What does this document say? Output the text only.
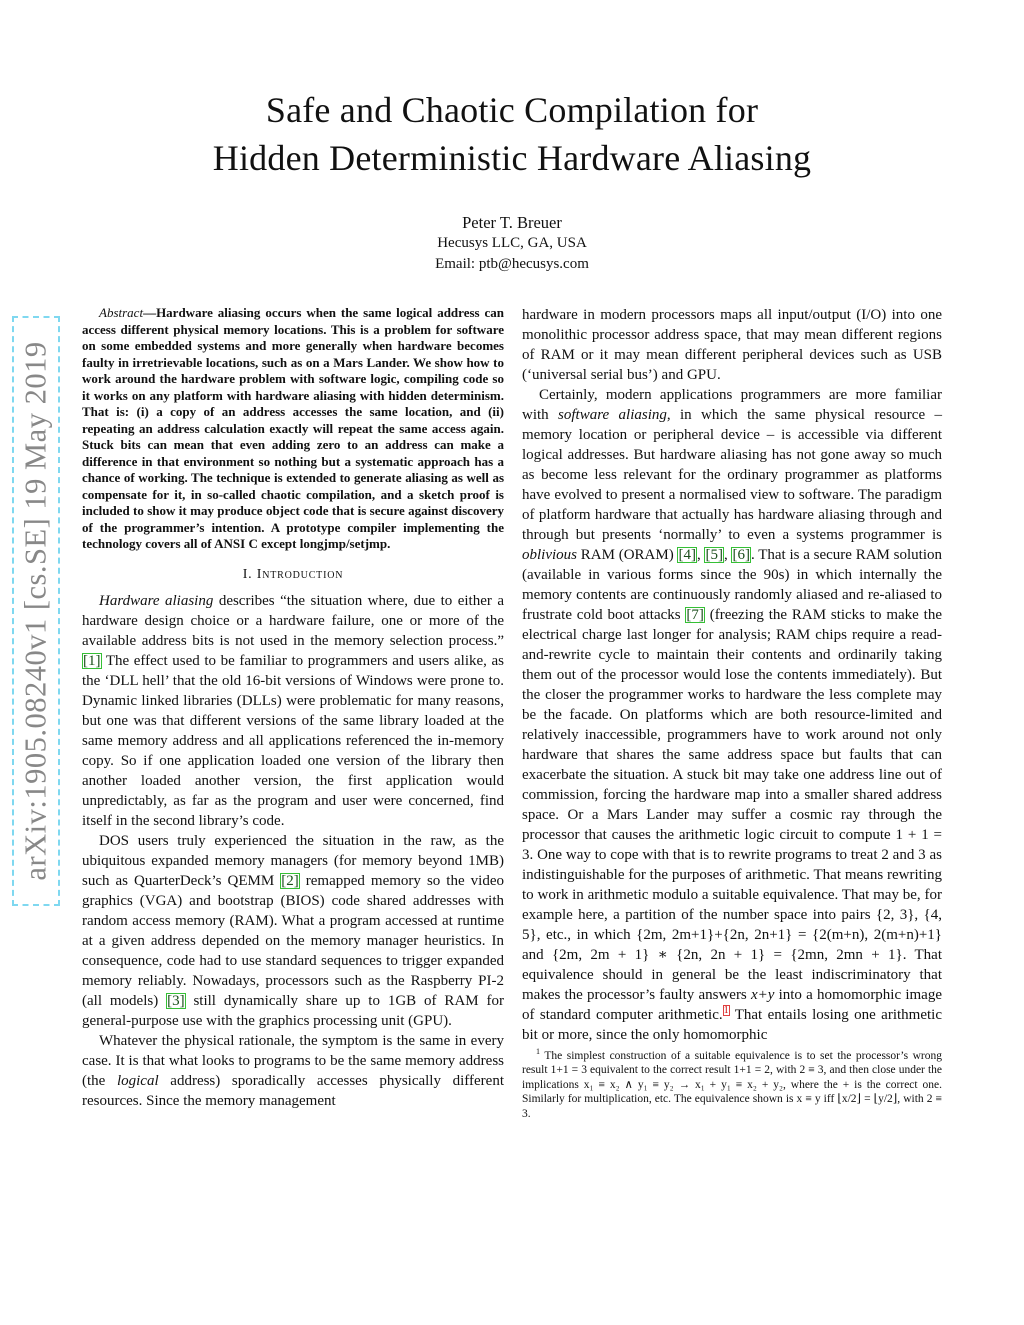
Safe and Chaotic Compilation for
Hidden Deterministic Hardware Aliasing
Peter T. Breuer
Hecusys LLC, GA, USA
Email: ptb@hecusys.com
arXiv:1905.08240v1 [cs.SE] 19 May 2019

Abstract—Hardware aliasing occurs when the same logical address can access different physical memory locations. This is a problem for software on some embedded systems and more generally when hardware becomes faulty in irretrievable locations, such as on a Mars Lander. We show how to work around the hardware problem with software logic, compiling code so it works on any platform with hardware aliasing with hidden determinism. That is: (i) a copy of an address accesses the same location, and (ii) repeating an address calculation exactly will repeat the same access again. Stuck bits can mean that even adding zero to an address can make a difference in that environment so nothing but a systematic approach has a chance of working. The technique is extended to generate aliasing as well as compensate for it, in so-called chaotic compilation, and a sketch proof is included to show it may produce object code that is secure against discovery of the programmer’s intention. A prototype compiler implementing the technology covers all of ANSI C except longjmp/setjmp.

I. Introduction

Hardware aliasing describes “the situation where, due to either a hardware design choice or a hardware failure, one or more of the available address bits is not used in the memory selection process.” [1] The effect used to be familiar to programmers and users alike, as the ‘DLL hell’ that the old 16-bit versions of Windows were prone to. Dynamic linked libraries (DLLs) were problematic for many reasons, but one was that different versions of the same library loaded at the same memory address and all applications referenced the in-memory copy. So if one application loaded one version of the library then another loaded another version, the first application would unpredictably, as far as the program and user were concerned, find itself in the second library’s code.

DOS users truly experienced the situation in the raw, as the ubiquitous expanded memory managers (for memory beyond 1MB) such as QuarterDeck’s QEMM [2] remapped memory so the video graphics (VGA) and bootstrap (BIOS) code shared addresses with random access memory (RAM). What a program accessed at runtime at a given address depended on the memory manager heuristics. In consequence, code had to use standard sequences to trigger expanded memory reliably. Nowadays, processors such as the Raspberry PI-2 (all models) [3] still dynamically share up to 1GB of RAM for general-purpose use with the graphics processing unit (GPU).

Whatever the physical rationale, the symptom is the same in every case. It is that what looks to programs to be the same memory address (the logical address) sporadically accesses physically different resources. Since the memory management

hardware in modern processors maps all input/output (I/O) into one monolithic processor address space, that may mean different regions of RAM or it may mean different peripheral devices such as USB (‘universal serial bus’) and GPU.

Certainly, modern applications programmers are more familiar with software aliasing, in which the same physical resource – memory location or peripheral device – is accessible via different logical addresses. But hardware aliasing has not gone away so much as become less relevant for the ordinary programmer as platforms have evolved to present a normalised view to software. The paradigm of platform hardware that actually has hardware aliasing through and through but presents ‘normally’ to even a systems programmer is oblivious RAM (ORAM) [4], [5], [6]. That is a secure RAM solution (available in various forms since the 90s) in which internally the memory contents are continuously randomly aliased and re-aliased to frustrate cold boot attacks [7] (freezing the RAM sticks to make the electrical charge last longer for analysis; RAM chips require a read-and-rewrite cycle to maintain their contents and ordinarily taking them out of the processor would lose the contents immediately). But the closer the programmer works to hardware the less complete may be the facade. On platforms which are both resource-limited and relatively inaccessible, programmers have to work around not only hardware that shares the same address space but faults that can exacerbate the situation. A stuck bit may take one address line out of commission, forcing the hardware map into a smaller shared address space. Or a Mars Lander may suffer a cosmic ray through the processor that causes the arithmetic logic circuit to compute 1 + 1 = 3. One way to cope with that is to rewrite programs to treat 2 and 3 as indistinguishable for the purposes of arithmetic. That means rewriting to work in arithmetic modulo a suitable equivalence. That may be, for example here, a partition of the number space into pairs {2, 3}, {4, 5}, etc., in which {2m, 2m+1}+{2n, 2n+1} = {2(m+n), 2(m+n)+1} and {2m, 2m + 1} ∗ {2n, 2n + 1} = {2mn, 2mn + 1}. That equivalence should in general be the least indiscriminatory that makes the processor’s faulty answers x+y into a homomorphic image of standard computer arithmetic.$^1$ That entails losing one arithmetic bit or more, since the only homomorphic

$^1$ The simplest construction of a suitable equivalence is to set the processor’s wrong result 1+1 = 3 equivalent to the correct result 1+1 = 2, with 2 ≡ 3, and then close under the implications x₁ ≡ x₂ ∧ y₁ ≡ y₂ → x₁ + y₁ ≡ x₂ + y₂, where the + is the correct one. Similarly for multiplication, etc. The equivalence shown is x ≡ y iff ⌊x/2⌋ = ⌊y/2⌋, with 2 ≡ 3.
